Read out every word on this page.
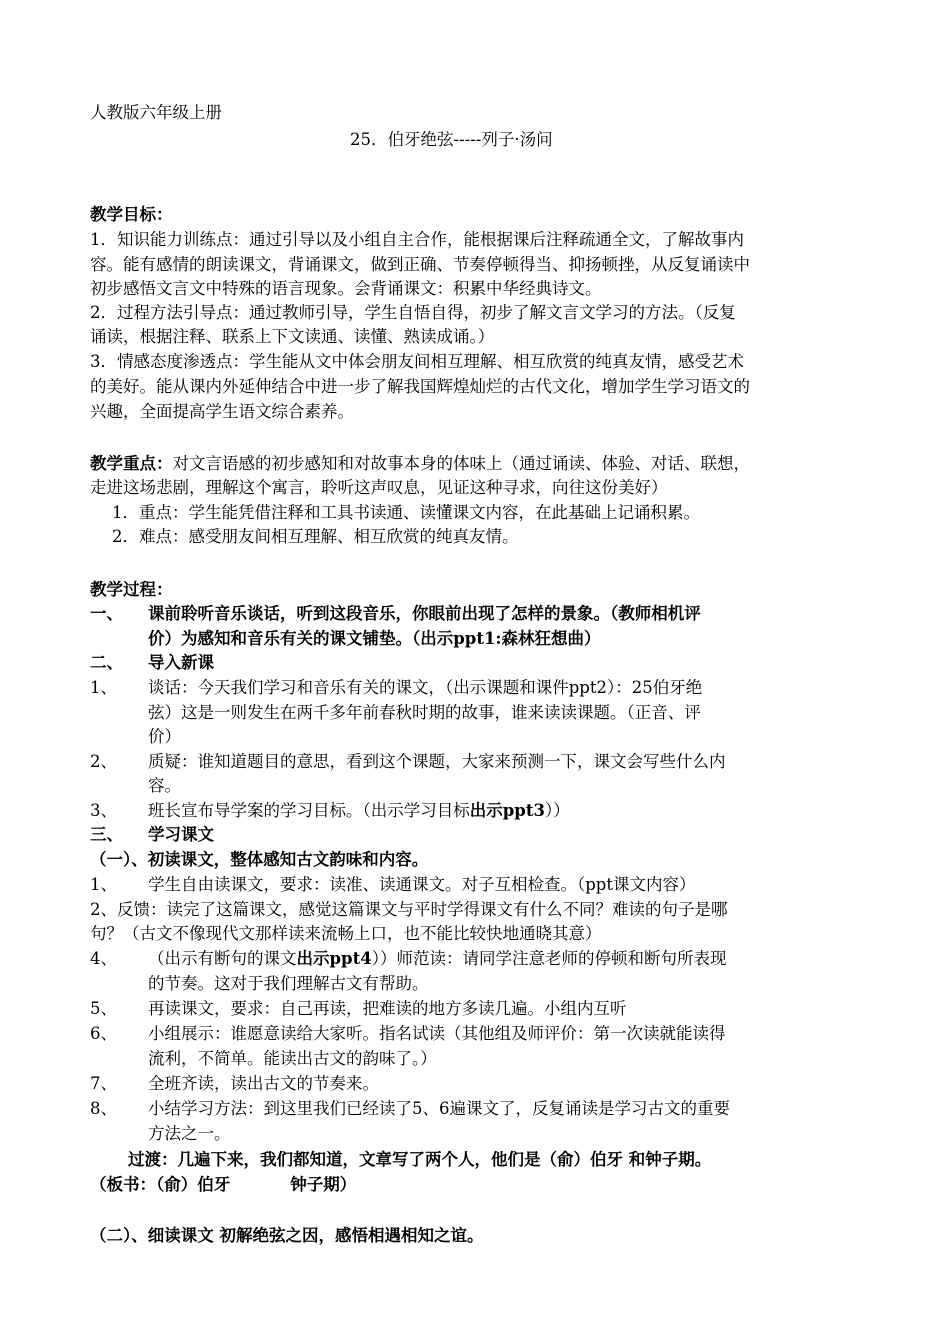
人教版六年级上册
25．伯牙绝弦-----列子·汤问
教学目标：
1．知识能力训练点：通过引导以及小组自主合作，能根据课后注释疏通全文，了解故事内
容。能有感情的朗读课文，背诵课文，做到正确、节奏停顿得当、抑扬顿挫，从反复诵读中
初步感悟文言文中特殊的语言现象。会背诵课文：积累中华经典诗文。
2．过程方法引导点：通过教师引导，学生自悟自得，初步了解文言文学习的方法。（反复
诵读，根据注释、联系上下文读通、读懂、熟读成诵。）
3．情感态度渗透点：学生能从文中体会朋友间相互理解、相互欣赏的纯真友情，感受艺术
的美好。能从课内外延伸结合中进一步了解我国辉煌灿烂的古代文化，增加学生学习语文的
兴趣，全面提高学生语文综合素养。
教学重点：对文言语感的初步感知和对故事本身的体味上（通过诵读、体验、对话、联想，
走进这场悲剧，理解这个寓言，聆听这声叹息，见证这种寻求，向往这份美好）
1．重点：学生能凭借注释和工具书读通、读懂课文内容，在此基础上记诵积累。
2．难点：感受朋友间相互理解、相互欣赏的纯真友情。
教学过程：
一、 课前聆听音乐谈话，听到这段音乐，你眼前出现了怎样的景象。（教师相机评
价）为感知和音乐有关的课文铺垫。（出示ppt1:森林狂想曲）
二、 导入新课
1、 谈话：今天我们学习和音乐有关的课文，（出示课题和课件ppt2）：25伯牙绝
弦）这是一则发生在两千多年前春秋时期的故事，谁来读读课题。（正音、评
价）
2、 质疑：谁知道题目的意思，看到这个课题，大家来预测一下，课文会写些什么内
容。
3、 班长宣布导学案的学习目标。（出示学习目标出示ppt3））
三、 学习课文
（一）、初读课文，整体感知古文韵味和内容。
1、 学生自由读课文，要求：读准、读通课文。对子互相检查。（ppt课文内容）
2、反馈：读完了这篇课文，感觉这篇课文与平时学得课文有什么不同？难读的句子是哪
句？（古文不像现代文那样读来流畅上口，也不能比较快地通晓其意）
4、 （出示有断句的课文出示ppt4））师范读：请同学注意老师的停顿和断句所表现
的节奏。这对于我们理解古文有帮助。
5、 再读课文，要求：自己再读，把难读的地方多读几遍。小组内互听
6、 小组展示：谁愿意读给大家听。指名试读（其他组及师评价：第一次读就能读得
流利，不简单。能读出古文的韵味了。）
7、 全班齐读，读出古文的节奏来。
8、 小结学习方法：到这里我们已经读了5、6遍课文了，反复诵读是学习古文的重要
方法之一。
过渡：几遍下来，我们都知道，文章写了两个人，他们是（俞）伯牙 和钟子期。
（板书：（俞）伯牙	钟子期）
（二）、细读课文 初解绝弦之因，感悟相遇相知之谊。
